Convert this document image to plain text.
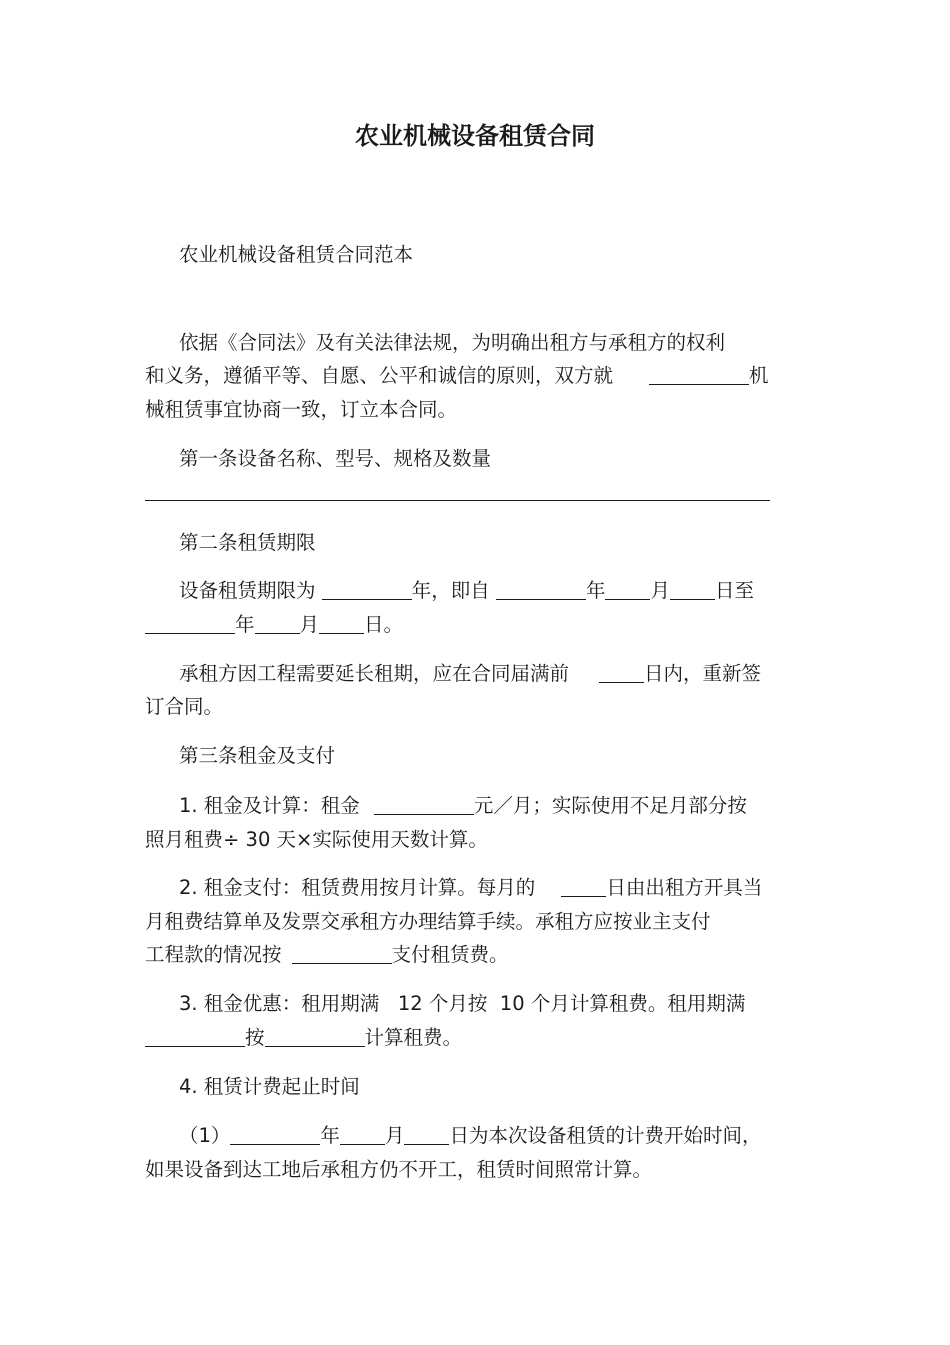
农业机械设备租赁合同
农业机械设备租赁合同范本
依据《合同法》及有关法律法规，为明确出租方与承租方的权利
和义务，遵循平等、自愿、公平和诚信的原则，双方就	机
械租赁事宜协商一致，订立本合同。
第一条设备名称、型号、规格及数量
第二条租赁期限
设备租赁期限为	年，即自	年 月 日至
年 月 日。
承租方因工程需要延长租期，应在合同届满前	日内，重新签
订合同。
第三条租金及支付
1. 租金及计算：租金	元／月；实际使用不足月部分按
照月租费÷ 30 天×实际使用天数计算。
2. 租金支付：租赁费用按月计算。每月的	日由出租方开具当
月租费结算单及发票交承租方办理结算手续。承租方应按业主支付
工程款的情况按	支付租赁费。
3. 租金优惠：租用期满   12 个月按  10 个月计算租费。租用期满
按	计算租费。
4. 租赁计费起止时间
（1）	年 月 日为本次设备租赁的计费开始时间，
如果设备到达工地后承租方仍不开工，租赁时间照常计算。
